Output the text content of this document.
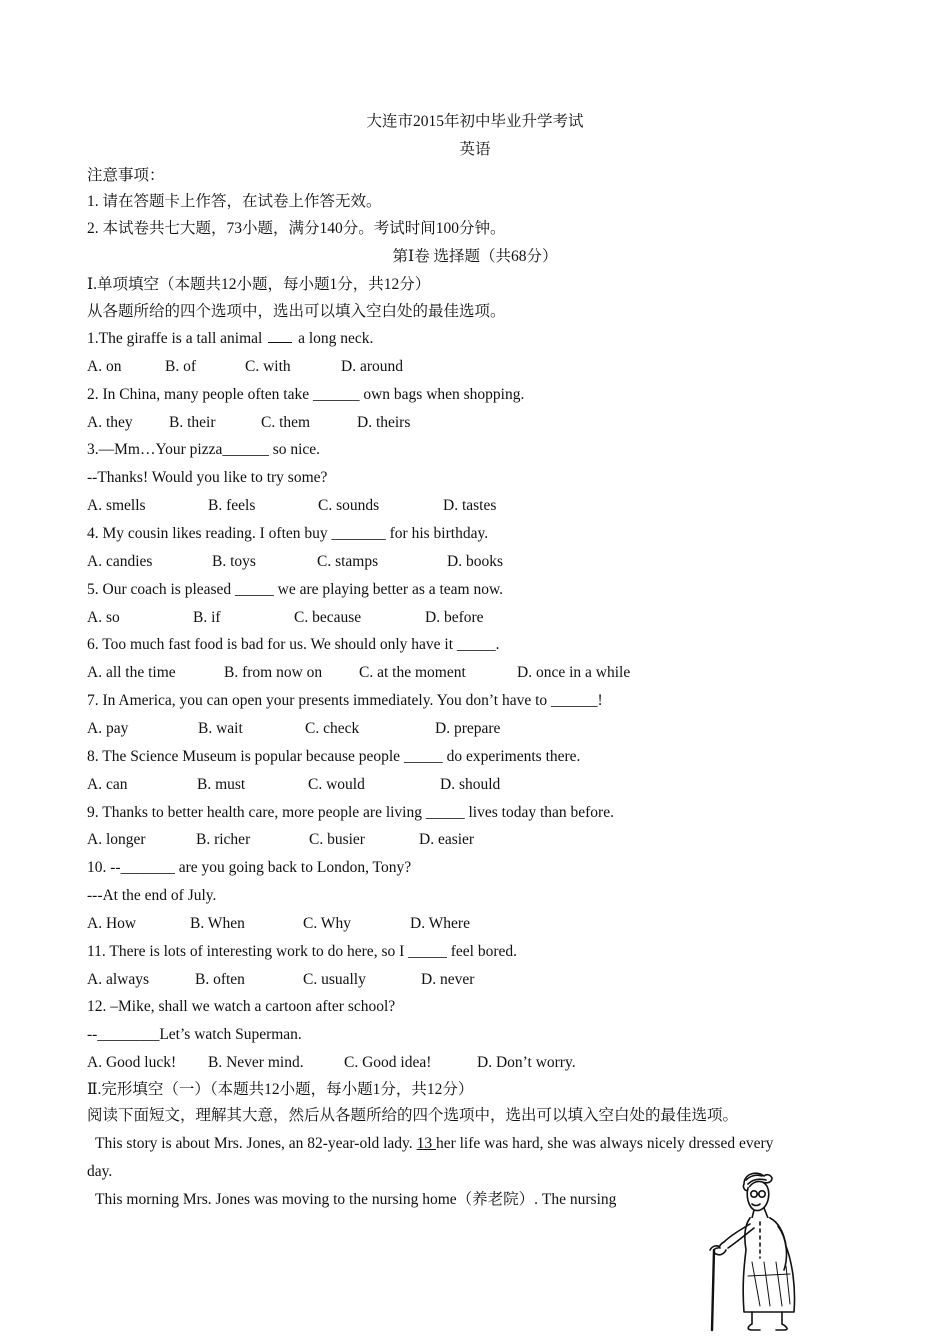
大连市2015年初中毕业升学考试
英语
注意事项：
1. 请在答题卡上作答，在试卷上作答无效。
2. 本试卷共七大题，73小题，满分140分。考试时间100分钟。
第Ⅰ卷 选择题（共68分）
Ⅰ.单项填空（本题共12小题，每小题1分，共12分）
从各题所给的四个选项中，选出可以填入空白处的最佳选项。
1.The giraffe is a tall animal  a long neck.
A. on	B. of	C. with	D. around
2. In China, many people often take ______ own bags when shopping.
A. they B. their	C. them	D. theirs
3.—Mm…Your pizza______ so nice.
--Thanks! Would you like to try some?
A. smells	B. feels	C. sounds	D. tastes
4. My cousin likes reading. I often buy _______ for his birthday.
A. candies	B. toys	C. stamps	D. books
5. Our coach is pleased _____ we are playing better as a team now.
A. so	B. if	C. because	D. before
6. Too much fast food is bad for us. We should only have it _____.
A. all the time	B. from now on C. at the moment	D. once in a while
7. In America, you can open your presents immediately. You don’t have to ______!
A. pay	B. wait	C. check	D. prepare
8. The Science Museum is popular because people _____ do experiments there.
A. can	B. must	C. would	D. should
9. Thanks to better health care, more people are living _____ lives today than before.
A. longer	B. richer	C. busier	D. easier
10. --_______ are you going back to London, Tony?
---At the end of July.
A. How	B. When	C. Why	D. Where
11. There is lots of interesting work to do here, so I _____ feel bored.
A. always	B. often	C. usually	D. never
12. –Mike, shall we watch a cartoon after school?
--________Let’s watch Superman.
A. Good luck! B. Never mind.	C. Good idea!	D. Don’t worry.
Ⅱ.完形填空（一）（本题共12小题，每小题1分，共12分）
阅读下面短文，理解其大意，然后从各题所给的四个选项中，选出可以填入空白处的最佳选项。
This story is about Mrs. Jones, an 82-year-old lady. 13 her life was hard, she was always nicely dressed every
day.
This morning Mrs. Jones was moving to the nursing home（养老院）. The nursing
